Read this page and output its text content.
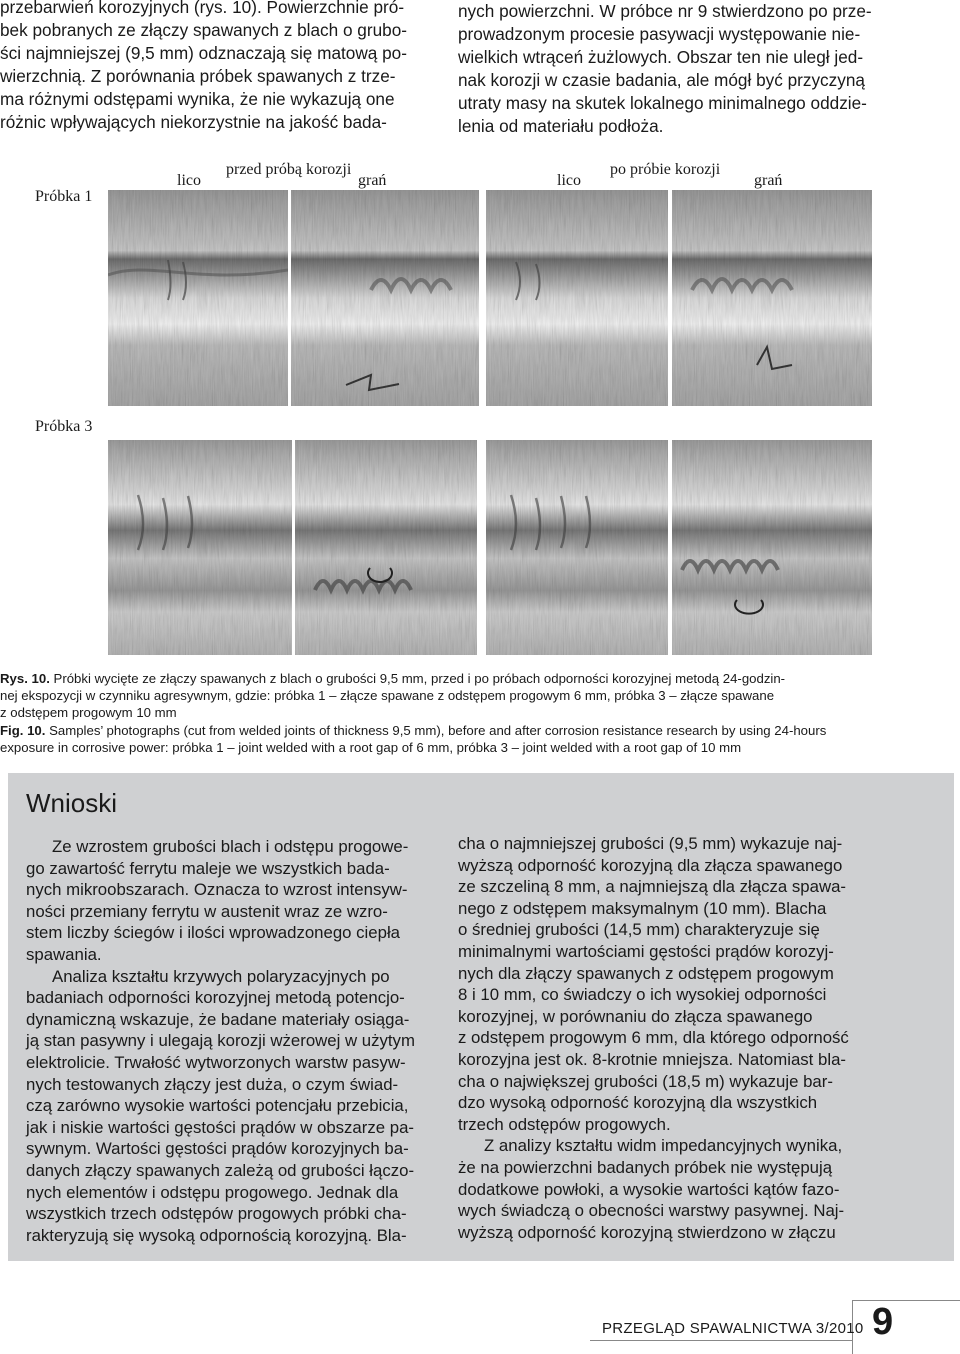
przebarwień korozyjnych (rys. 10). Powierzchnie pró-
bek pobranych ze złączy spawanych z blach o grubo-
ści najmniejszej (9,5 mm) odznaczają się matową po-
wierzchnią. Z porównania próbek spawanych z trze-
ma różnymi odstępami wynika, że nie wykazują one
różnic wpływających niekorzystnie na jakość bada-
nych powierzchni. W próbce nr 9 stwierdzono po prze-
prowadzonym procesie pasywacji występowanie nie-
wielkich wtrąceń żużlowych. Obszar ten nie uległ jed-
nak korozji w czasie badania, ale mógł być przyczyną
utraty masy na skutek lokalnego minimalnego oddzie-
lenia od materiału podłoża.
przed próbą korozji
lico	grań
po próbie korozji
lico	grań
Próbka 1
Próbka 3
Rys. 10. Próbki wycięte ze złączy spawanych z blach o grubości 9,5 mm, przed i po próbach odporności korozyjnej metodą 24-godzin-
nej ekspozycji w czynniku agresywnym, gdzie: próbka 1 – złącze spawane z odstępem progowym 6 mm, próbka 3 – złącze spawane
z odstępem progowym 10 mm
Fig. 10. Samples’ photographs (cut from welded joints of thickness 9,5 mm), before and after corrosion resistance research by using 24-hours
exposure in corrosive power: próbka 1 – joint welded with a root gap of 6 mm, próbka 3 – joint welded with a root gap of 10 mm
Wnioski
Ze wzrostem grubości blach i odstępu progowe-
go zawartość ferrytu maleje we wszystkich bada-
nych mikroobszarach. Oznacza to wzrost intensyw-
ności przemiany ferrytu w austenit wraz ze wzro-
stem liczby ściegów i ilości wprowadzonego ciepła
spawania.
Analiza kształtu krzywych polaryzacyjnych po
badaniach odporności korozyjnej metodą potencjo-
dynamiczną wskazuje, że badane materiały osiąga-
ją stan pasywny i ulegają korozji wżerowej w użytym
elektrolicie. Trwałość wytworzonych warstw pasyw-
nych testowanych złączy jest duża, o czym świad-
czą zarówno wysokie wartości potencjału przebicia,
jak i niskie wartości gęstości prądów w obszarze pa-
sywnym. Wartości gęstości prądów korozyjnych ba-
danych złączy spawanych zależą od grubości łączo-
nych elementów i odstępu progowego. Jednak dla
wszystkich trzech odstępów progowych próbki cha-
rakteryzują się wysoką odpornością korozyjną. Bla-
cha o najmniejszej grubości (9,5 mm) wykazuje naj-
wyższą odporność korozyjną dla złącza spawanego
ze szczeliną 8 mm, a najmniejszą dla złącza spawa-
nego z odstępem maksymalnym (10 mm). Blacha
o średniej grubości (14,5 mm) charakteryzuje się
minimalnymi wartościami gęstości prądów korozyj-
nych dla złączy spawanych z odstępem progowym
8 i 10 mm, co świadczy o ich wysokiej odporności
korozyjnej, w porównaniu do złącza spawanego
z odstępem progowym 6 mm, dla którego odporność
korozyjna jest ok. 8-krotnie mniejsza. Natomiast bla-
cha o największej grubości (18,5 m) wykazuje bar-
dzo wysoką odporność korozyjną dla wszystkich
trzech odstępów progowych.
Z analizy kształtu widm impedancyjnych wynika,
że na powierzchni badanych próbek nie występują
dodatkowe powłoki, a wysokie wartości kątów fazo-
wych świadczą o obecności warstwy pasywnej. Naj-
wyższą odporność korozyjną stwierdzono w złączu
PRZEGLĄD SPAWALNICTWA 3/2010 9
